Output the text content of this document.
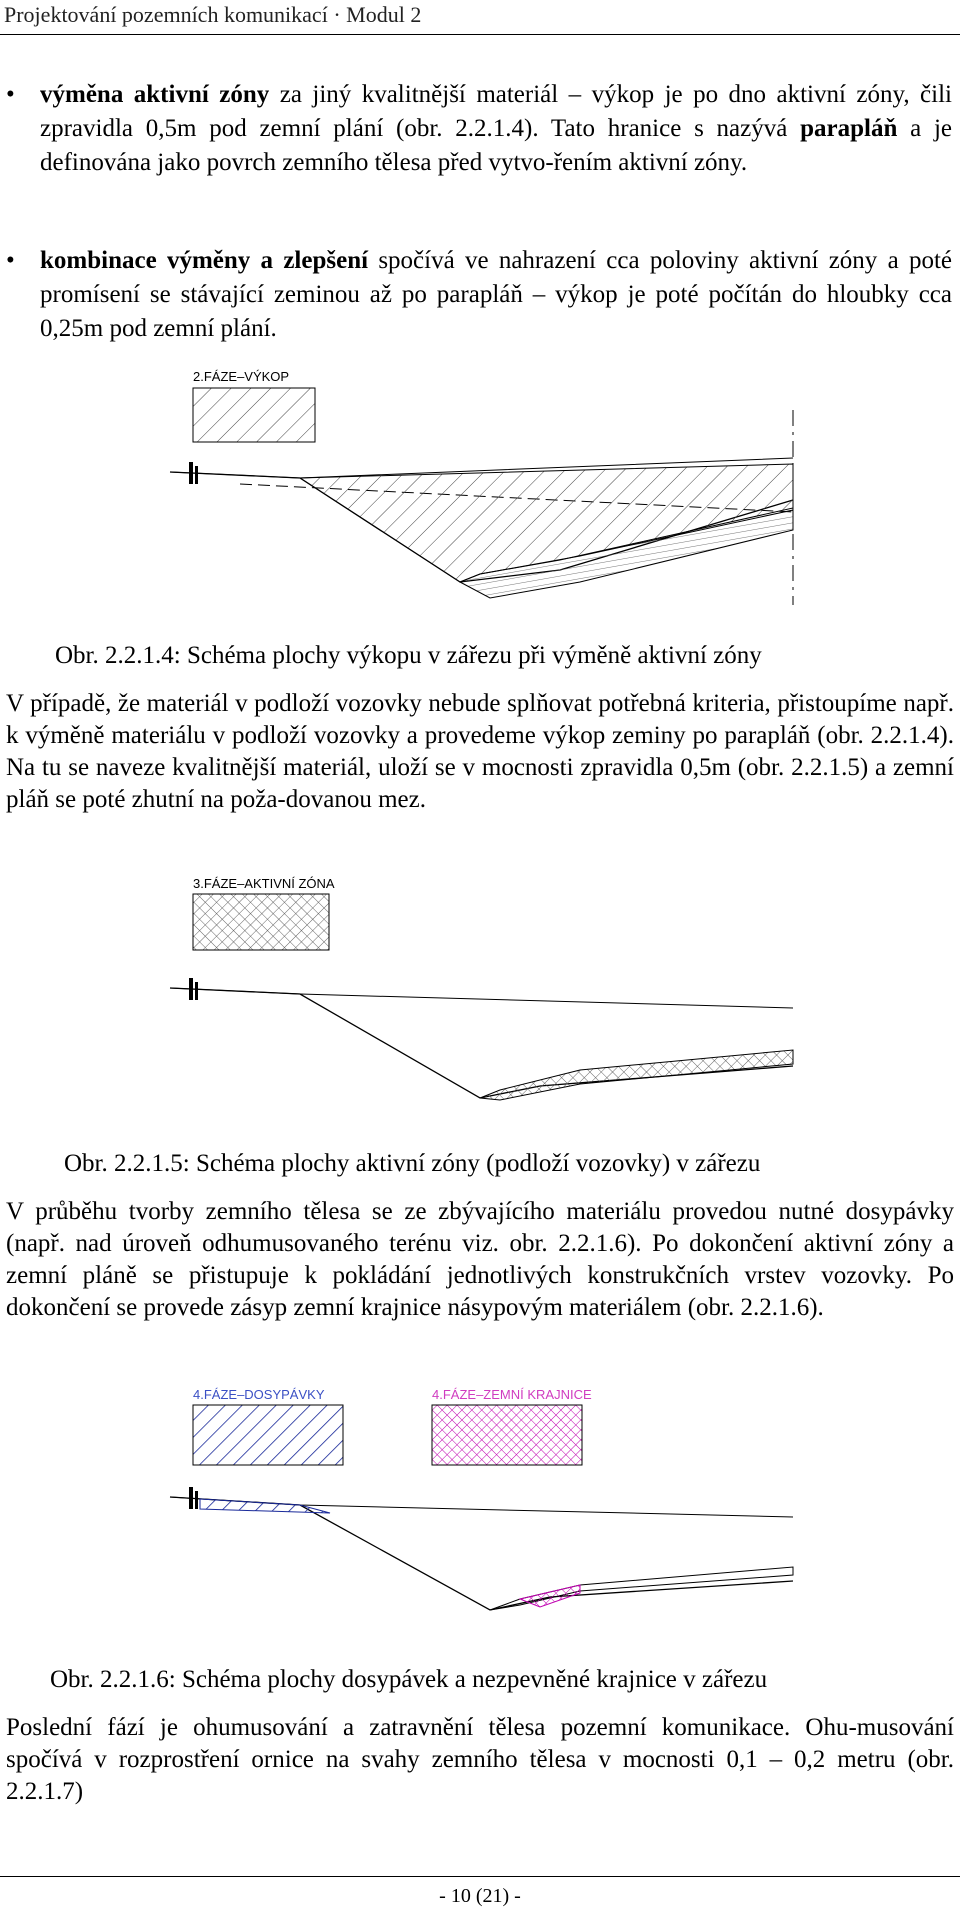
Projektování pozemních komunikací · Modul 2
• výměna aktivní zóny za jiný kvalitnější materiál – výkop je po dno aktivní zóny, čili zpravidla 0,5m pod zemní plání (obr. 2.2.1.4). Tato hranice s nazývá parapláň a je definována jako povrch zemního tělesa před vytvo-řením aktivní zóny.
• kombinace výměny a zlepšení spočívá ve nahrazení cca poloviny aktivní zóny a poté promísení se stávající zeminou až po parapláň – výkop je poté počítán do hloubky cca 0,25m pod zemní plání.
2.FÁZE–VÝKOP
Obr. 2.2.1.4: Schéma plochy výkopu v zářezu při výměně aktivní zóny

V případě, že materiál v podloží vozovky nebude splňovat potřebná kriteria, přistoupíme např. k výměně materiálu v podloží vozovky a provedeme výkop zeminy po parapláň (obr. 2.2.1.4). Na tu se naveze kvalitnější materiál, uloží se v mocnosti zpravidla 0,5m (obr. 2.2.1.5) a zemní pláň se poté zhutní na poža-dovanou mez.

3.FÁZE–AKTIVNÍ ZÓNA
Obr. 2.2.1.5: Schéma plochy aktivní zóny (podloží vozovky) v zářezu

V průběhu tvorby zemního tělesa se ze zbývajícího materiálu provedou nutné dosypávky (např. nad úroveň odhumusovaného terénu viz. obr. 2.2.1.6). Po dokončení aktivní zóny a zemní pláně se přistupuje k pokládání jednotlivých konstrukčních vrstev vozovky. Po dokončení se provede zásyp zemní krajnice násypovým materiálem (obr. 2.2.1.6).

4.FÁZE–DOSYPÁVKY	4.FÁZE–ZEMNÍ KRAJNICE
Obr. 2.2.1.6: Schéma plochy dosypávek a nezpevněné krajnice v zářezu

Poslední fází je ohumusování a zatravnění tělesa pozemní komunikace. Ohu-musování spočívá v rozprostření ornice na svahy zemního tělesa v mocnosti 0,1 – 0,2 metru (obr. 2.2.1.7)

- 10 (21) -
